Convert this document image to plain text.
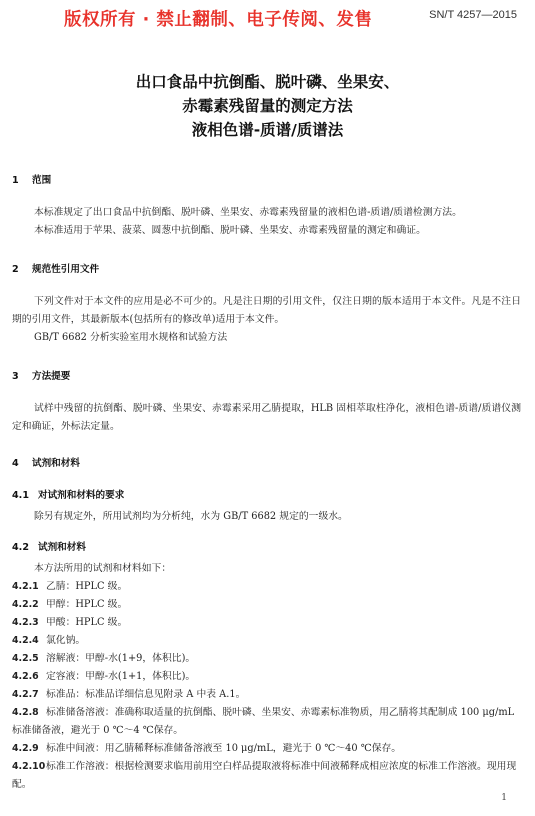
版权所有 · 禁止翻制、电子传阅、发售	SN/T 4257—2015
出口食品中抗倒酯、脱叶磷、坐果安、
赤霉素残留量的测定方法
液相色谱-质谱/质谱法
1 范围
本标准规定了出口食品中抗倒酯、脱叶磷、坐果安、赤霉素残留量的液相色谱-质谱/质谱检测方法。
本标准适用于苹果、菠菜、圆葱中抗倒酯、脱叶磷、坐果安、赤霉素残留量的测定和确证。
2 规范性引用文件
下列文件对于本文件的应用是必不可少的。凡是注日期的引用文件，仅注日期的版本适用于本文件。凡是不注日期的引用文件，其最新版本(包括所有的修改单)适用于本文件。
GB/T 6682 分析实验室用水规格和试验方法
3 方法提要
试样中残留的抗倒酯、脱叶磷、坐果安、赤霉素采用乙腈提取，HLB 固相萃取柱净化，液相色谱-质谱/质谱仪测定和确证，外标法定量。
4 试剂和材料
4.1 对试剂和材料的要求
除另有规定外，所用试剂均为分析纯，水为 GB/T 6682 规定的一级水。
4.2 试剂和材料
本方法所用的试剂和材料如下：
4.2.1 乙腈：HPLC 级。
4.2.2 甲醇：HPLC 级。
4.2.3 甲酸：HPLC 级。
4.2.4 氯化钠。
4.2.5 溶解液：甲醇-水(1+9，体积比)。
4.2.6 定容液：甲醇-水(1+1，体积比)。
4.2.7 标准品：标准品详细信息见附录 A 中表 A.1。
4.2.8 标准储备溶液：准确称取适量的抗倒酯、脱叶磷、坐果安、赤霉素标准物质，用乙腈将其配制成 100 μg/mL 标准储备液，避光于 0 ℃～4 ℃保存。
4.2.9 标准中间液：用乙腈稀释标准储备溶液至 10 μg/mL，避光于 0 ℃～40 ℃保存。
4.2.10标准工作溶液：根据检测要求临用前用空白样品提取液将标准中间液稀释成相应浓度的标准工作溶液。现用现配。
1
